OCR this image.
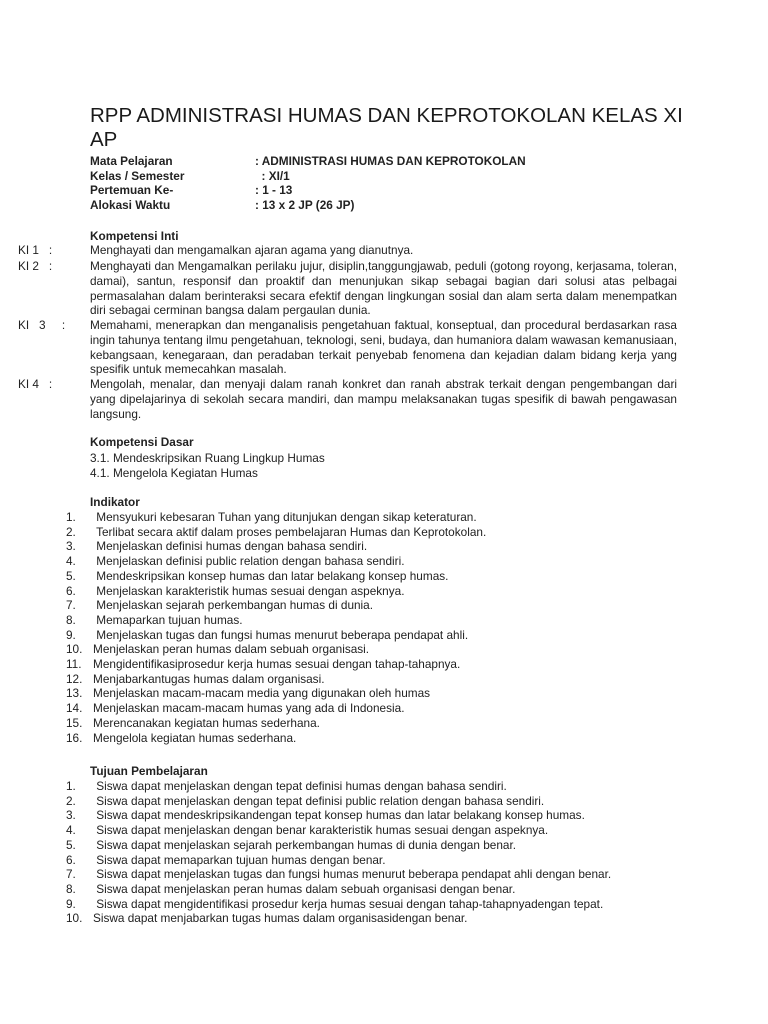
RPP ADMINISTRASI HUMAS DAN KEPROTOKOLAN KELAS XI AP
Mata Pelajaran	: ADMINISTRASI HUMAS DAN KEPROTOKOLAN
Kelas / Semester	: XI/1
Pertemuan Ke-	: 1 - 13
Alokasi Waktu	: 13 x 2 JP (26 JP)
Kompetensi Inti
KI 1   :	Menghayati dan mengamalkan ajaran agama yang dianutnya.
KI 2   :	Menghayati dan Mengamalkan perilaku jujur, disiplin,tanggungjawab, peduli (gotong royong, kerjasama, toleran, damai), santun, responsif dan proaktif dan menunjukan sikap sebagai bagian dari solusi atas pelbagai permasalahan dalam berinteraksi secara efektif dengan lingkungan sosial dan alam serta dalam menempatkan diri sebagai cerminan bangsa dalam pergaulan dunia.
KI   3     : Memahami, menerapkan dan menganalisis pengetahuan faktual, konseptual, dan procedural berdasarkan rasa ingin tahunya tentang ilmu pengetahuan, teknologi, seni, budaya, dan humaniora dalam wawasan kemanusiaan, kebangsaan, kenegaraan, dan peradaban terkait penyebab fenomena dan kejadian dalam bidang kerja yang spesifik untuk memecahkan masalah.
KI 4   :	Mengolah, menalar, dan menyaji dalam ranah konkret dan ranah abstrak terkait dengan pengembangan dari yang dipelajarinya di sekolah secara mandiri, dan mampu melaksanakan tugas spesifik di bawah pengawasan langsung.
Kompetensi Dasar
3.1. Mendeskripsikan Ruang Lingkup Humas
4.1. Mengelola Kegiatan Humas
Indikator
1.	Mensyukuri kebesaran Tuhan yang ditunjukan dengan sikap keteraturan.
2.	Terlibat secara aktif dalam proses pembelajaran Humas dan Keprotokolan.
3.	Menjelaskan definisi humas dengan bahasa sendiri.
4.	Menjelaskan definisi public relation dengan bahasa sendiri.
5.	Mendeskripsikan konsep humas dan latar belakang konsep humas.
6.	Menjelaskan karakteristik humas sesuai dengan aspeknya.
7.	Menjelaskan sejarah perkembangan humas di dunia.
8.	Memaparkan tujuan humas.
9.	Menjelaskan tugas dan fungsi humas menurut beberapa pendapat ahli.
10. Menjelaskan peran humas dalam sebuah organisasi.
11. Mengidentifikasiprosedur kerja humas sesuai dengan tahap-tahapnya.
12. Menjabarkantugas humas dalam organisasi.
13. Menjelaskan macam-macam media yang digunakan oleh humas
14. Menjelaskan macam-macam humas yang ada di Indonesia.
15. Merencanakan kegiatan humas sederhana.
16. Mengelola kegiatan humas sederhana.
Tujuan Pembelajaran
1.	Siswa dapat menjelaskan dengan tepat definisi humas dengan bahasa sendiri.
2.	Siswa dapat menjelaskan dengan tepat definisi public relation dengan bahasa sendiri.
3.	Siswa dapat mendeskripsikandengan tepat konsep humas dan latar belakang konsep humas.
4.	Siswa dapat menjelaskan dengan benar karakteristik humas sesuai dengan aspeknya.
5.	Siswa dapat menjelaskan sejarah perkembangan humas di dunia dengan benar.
6.	Siswa dapat memaparkan tujuan humas dengan benar.
7.	Siswa dapat menjelaskan tugas dan fungsi humas menurut beberapa pendapat ahli dengan benar.
8.	Siswa dapat menjelaskan peran humas dalam sebuah organisasi dengan benar.
9.	Siswa dapat mengidentifikasi prosedur kerja humas sesuai dengan tahap-tahapnyadengan tepat.
10. Siswa dapat menjabarkan tugas humas dalam organisasidengan benar.
